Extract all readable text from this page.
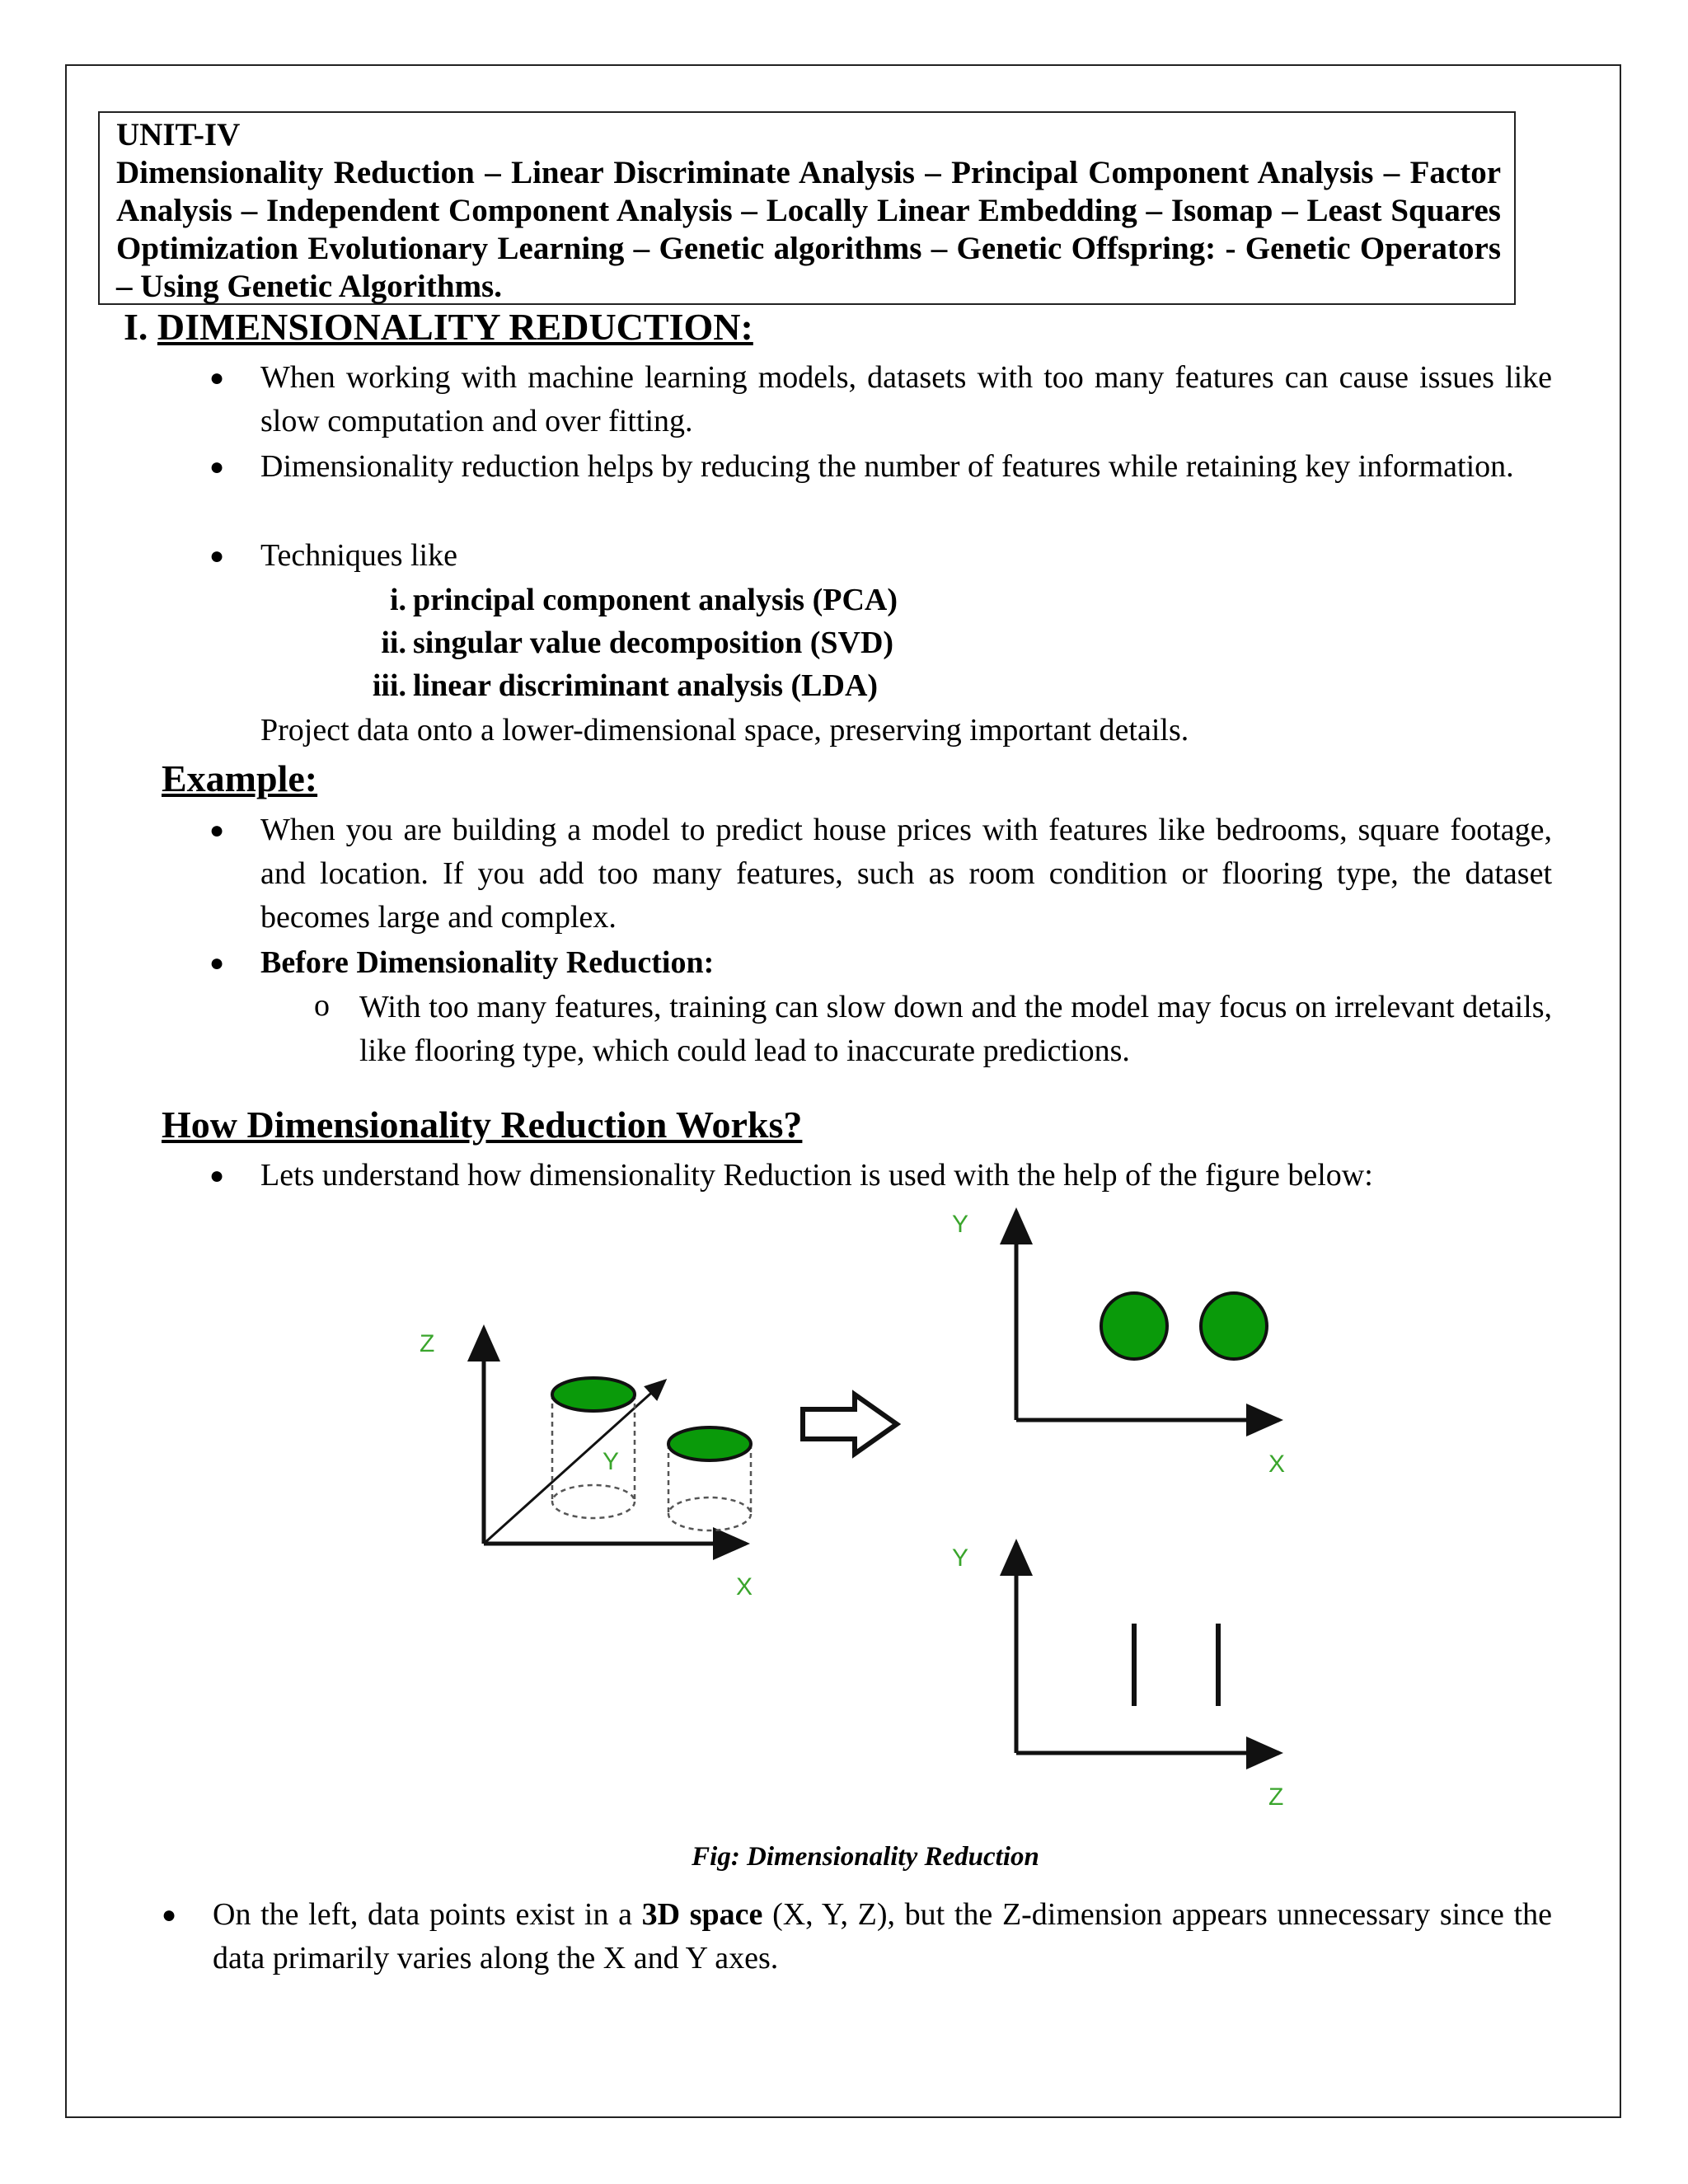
UNIT-IV
Dimensionality Reduction – Linear Discriminate Analysis – Principal Component Analysis – Factor Analysis – Independent Component Analysis – Locally Linear Embedding – Isomap – Least Squares Optimization Evolutionary Learning – Genetic algorithms – Genetic Offspring: - Genetic Operators – Using Genetic Algorithms.
I. DIMENSIONALITY REDUCTION:
● When working with machine learning models, datasets with too many features can cause issues like slow computation and over fitting.
● Dimensionality reduction helps by reducing the number of features while retaining key information.
● Techniques like
i. principal component analysis (PCA)
ii. singular value decomposition (SVD)
iii. linear discriminant analysis (LDA)
Project data onto a lower-dimensional space, preserving important details.
Example:
● When you are building a model to predict house prices with features like bedrooms, square footage, and location. If you add too many features, such as room condition or flooring type, the dataset becomes large and complex.
● Before Dimensionality Reduction:
o With too many features, training can slow down and the model may focus on irrelevant details, like flooring type, which could lead to inaccurate predictions.
How Dimensionality Reduction Works?
● Lets understand how dimensionality Reduction is used with the help of the figure below:
Z
Y
X
Y
X
Y
Z
Fig: Dimensionality Reduction
● On the left, data points exist in a 3D space (X, Y, Z), but the Z-dimension appears unnecessary since the data primarily varies along the X and Y axes.
